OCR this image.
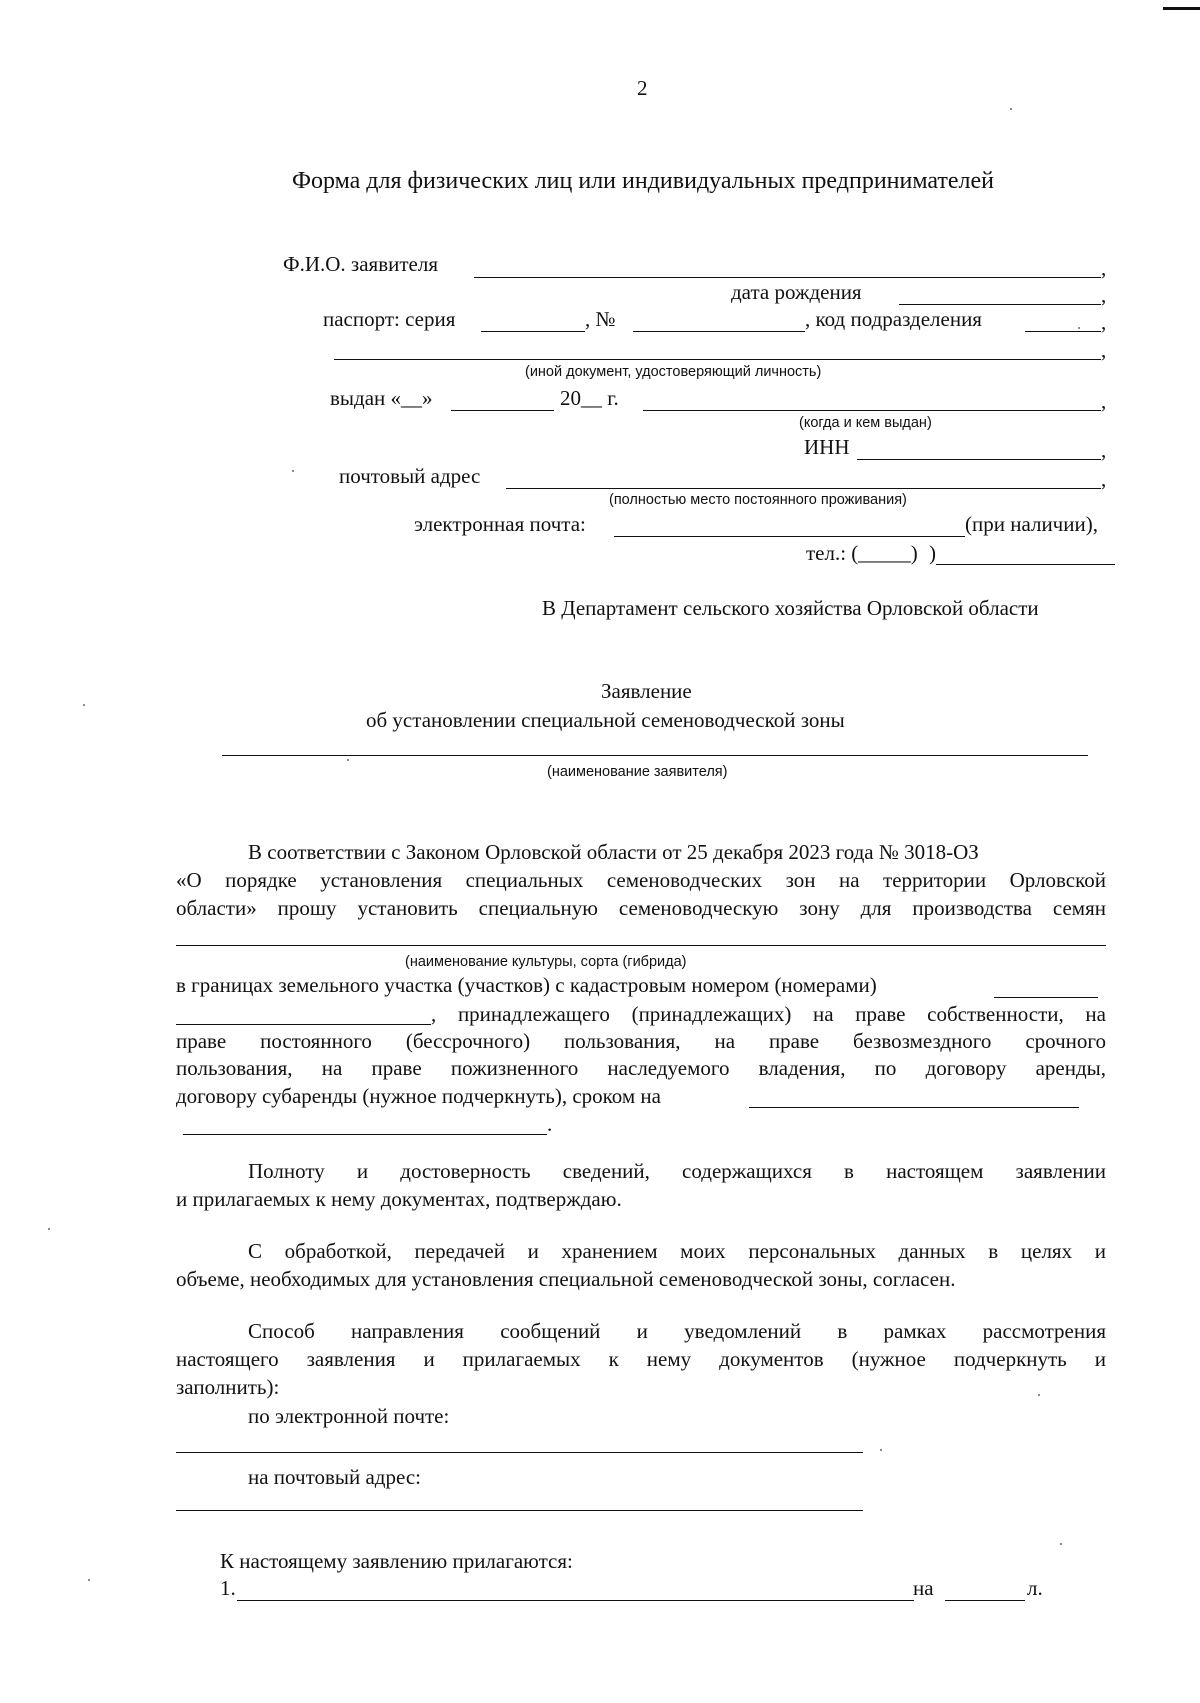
2
Форма для физических лиц или индивидуальных предпринимателей
Ф.И.О. заявителя	,
дата рождения	,
паспорт: серия	, №	, код подразделения	,
,
(иной документ, удостоверяющий личность)
выдан «__»	20__ г.	,
(когда и кем выдан)
ИНН	,
почтовый адрес	,
(полностью место постоянного проживания)
электронная почта:	(при наличии),
тел.: (_____) )
В Департамент сельского хозяйства Орловской области
Заявление
об установлении специальной семеноводческой зоны
(наименование заявителя)
В соответствии с Законом Орловской области от 25 декабря 2023 года № 3018-ОЗ
«О порядке установления специальных семеноводческих зон на территории Орловской
области» прошу установить специальную семеноводческую зону для производства семян
(наименование культуры, сорта (гибрида)
в границах земельного участка (участков) с кадастровым номером (номерами)
, принадлежащего (принадлежащих) на праве собственности, на
праве постоянного (бессрочного) пользования, на праве безвозмездного срочного
пользования, на праве пожизненного наследуемого владения, по договору аренды,
договору субаренды (нужное подчеркнуть), сроком на
.
Полноту и достоверность сведений, содержащихся в настоящем заявлении
и прилагаемых к нему документах, подтверждаю.
С обработкой, передачей и хранением моих персональных данных в целях и
объеме, необходимых для установления специальной семеноводческой зоны, согласен.
Способ направления сообщений и уведомлений в рамках рассмотрения
настоящего заявления и прилагаемых к нему документов (нужное подчеркнуть и
заполнить):
по электронной почте:
на почтовый адрес:
К настоящему заявлению прилагаются:
1.	на	л.
